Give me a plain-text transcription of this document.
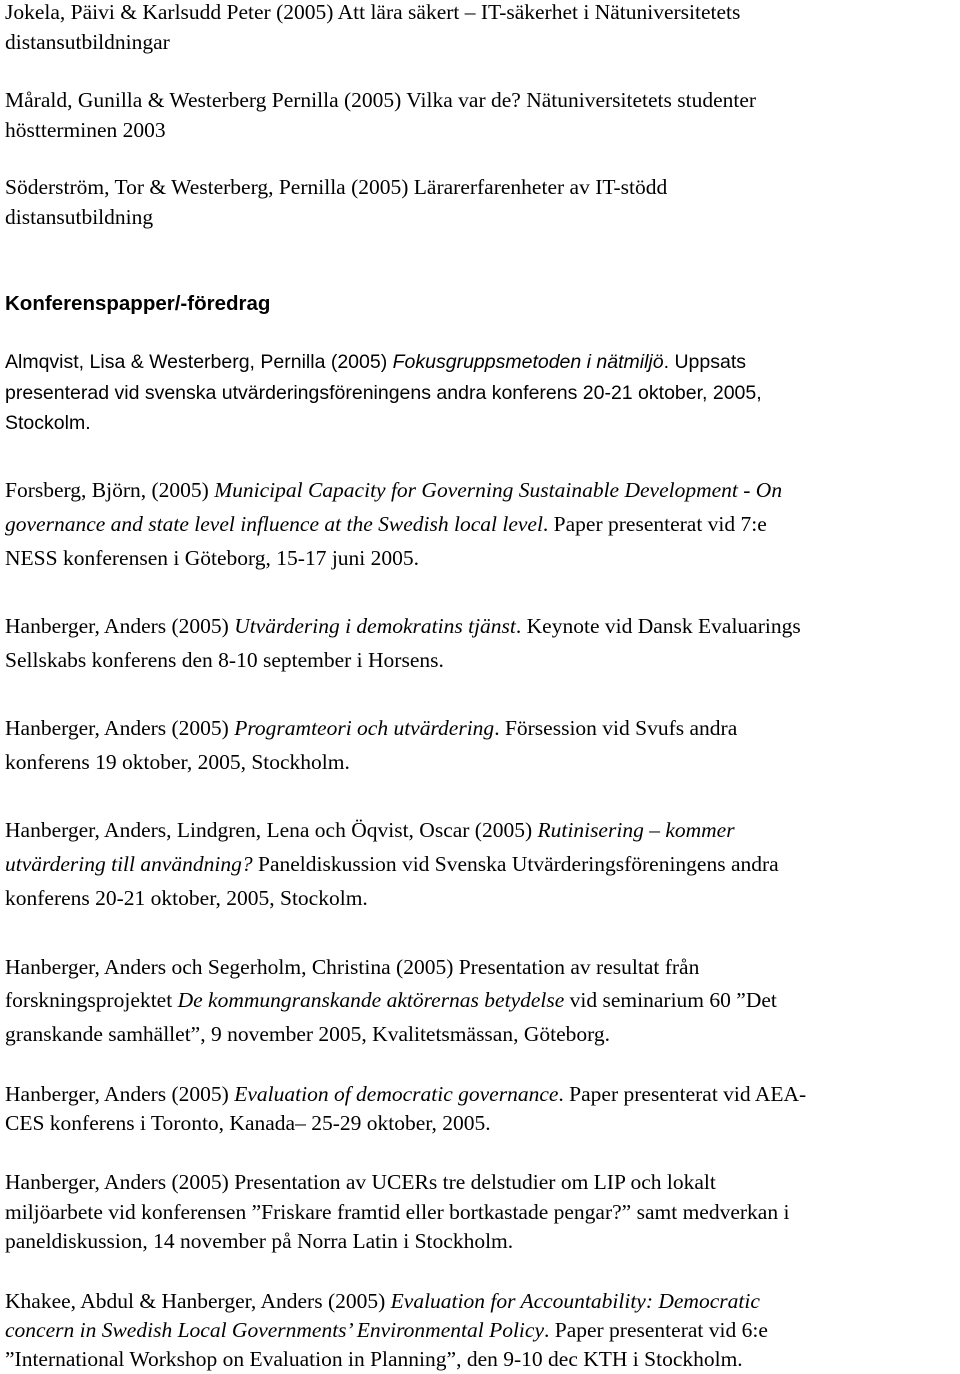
Jokela, Päivi & Karlsudd Peter (2005) Att lära säkert – IT-säkerhet i Nätuniversitetets
distansutbildningar
Mårald, Gunilla & Westerberg Pernilla (2005) Vilka var de? Nätuniversitetets studenter
höstterminen 2003
Söderström, Tor & Westerberg, Pernilla (2005) Lärarerfarenheter av IT-stödd
distansutbildning
Konferenspapper/-föredrag
Almqvist, Lisa & Westerberg, Pernilla (2005) Fokusgruppsmetoden i nätmiljö. Uppsats
presenterad vid svenska utvärderingsföreningens andra konferens 20-21 oktober, 2005,
Stockolm.
Forsberg, Björn, (2005) Municipal Capacity for Governing Sustainable Development - On
governance and state level influence at the Swedish local level. Paper presenterat vid 7:e
NESS konferensen i Göteborg, 15-17 juni 2005.
Hanberger, Anders (2005) Utvärdering i demokratins tjänst. Keynote vid Dansk Evaluarings
Sellskabs konferens den 8-10 september i Horsens.
Hanberger, Anders (2005) Programteori och utvärdering. Försession vid Svufs andra
konferens 19 oktober, 2005, Stockholm.
Hanberger, Anders, Lindgren, Lena och Öqvist, Oscar (2005) Rutinisering – kommer
utvärdering till användning? Paneldiskussion vid Svenska Utvärderingsföreningens andra
konferens 20-21 oktober, 2005, Stockolm.
Hanberger, Anders och Segerholm, Christina (2005) Presentation av resultat från
forskningsprojektet De kommungranskande aktörernas betydelse vid seminarium 60 ”Det
granskande samhället”, 9 november 2005, Kvalitetsmässan, Göteborg.
Hanberger, Anders (2005) Evaluation of democratic governance. Paper presenterat vid AEA-
CES konferens i Toronto, Kanada– 25-29 oktober, 2005.
Hanberger, Anders (2005) Presentation av UCERs tre delstudier om LIP och lokalt
miljöarbete vid konferensen ”Friskare framtid eller bortkastade pengar?” samt medverkan i
paneldiskussion, 14 november på Norra Latin i Stockholm.
Khakee, Abdul & Hanberger, Anders (2005) Evaluation for Accountability: Democratic
concern in Swedish Local Governments’ Environmental Policy. Paper presenterat vid 6:e
”International Workshop on Evaluation in Planning”, den 9-10 dec KTH i Stockholm.
